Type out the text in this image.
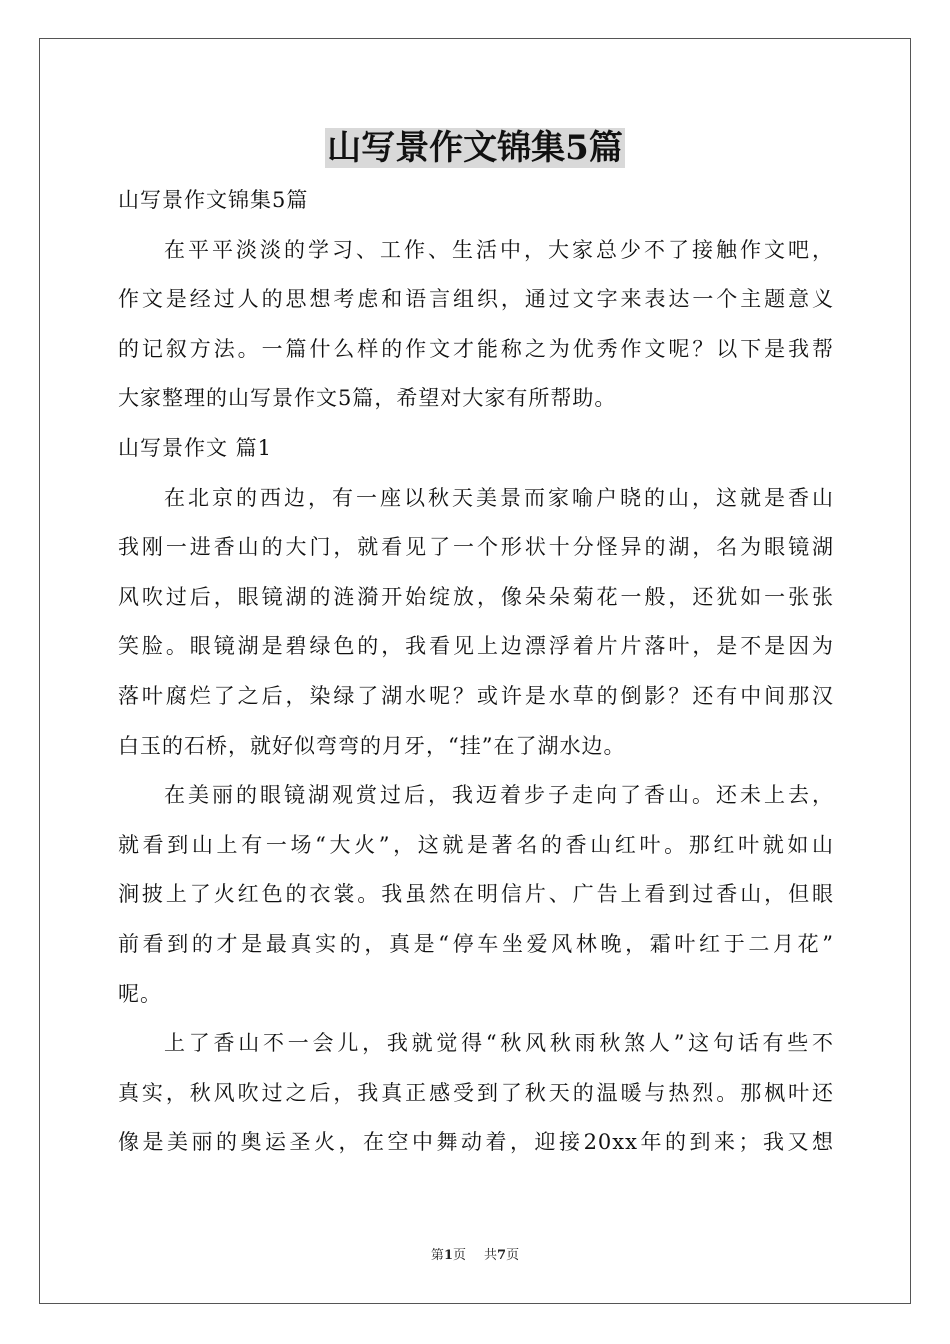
山写景作文锦集5篇
山写景作文锦集5篇
在平平淡淡的学习、工作、生活中，大家总少不了接触作文吧，
作文是经过人的思想考虑和语言组织，通过文字来表达一个主题意义
的记叙方法。一篇什么样的作文才能称之为优秀作文呢？以下是我帮
大家整理的山写景作文5篇，希望对大家有所帮助。
山写景作文 篇1
在北京的西边，有一座以秋天美景而家喻户晓的山，这就是香山
我刚一进香山的大门，就看见了一个形状十分怪异的湖，名为眼镜湖
风吹过后，眼镜湖的涟漪开始绽放，像朵朵菊花一般，还犹如一张张
笑脸。眼镜湖是碧绿色的，我看见上边漂浮着片片落叶，是不是因为
落叶腐烂了之后，染绿了湖水呢？或许是水草的倒影？还有中间那汉
白玉的石桥，就好似弯弯的月牙，“挂”在了湖水边。
在美丽的眼镜湖观赏过后，我迈着步子走向了香山。还未上去，
就看到山上有一场“大火”，这就是著名的香山红叶。那红叶就如山
涧披上了火红色的衣裳。我虽然在明信片、广告上看到过香山，但眼
前看到的才是最真实的，真是“停车坐爱风林晚，霜叶红于二月花”
呢。
上了香山不一会儿，我就觉得“秋风秋雨秋煞人”这句话有些不
真实，秋风吹过之后，我真正感受到了秋天的温暖与热烈。那枫叶还
像是美丽的奥运圣火，在空中舞动着，迎接20xx年的到来；我又想
第1页 共7页
